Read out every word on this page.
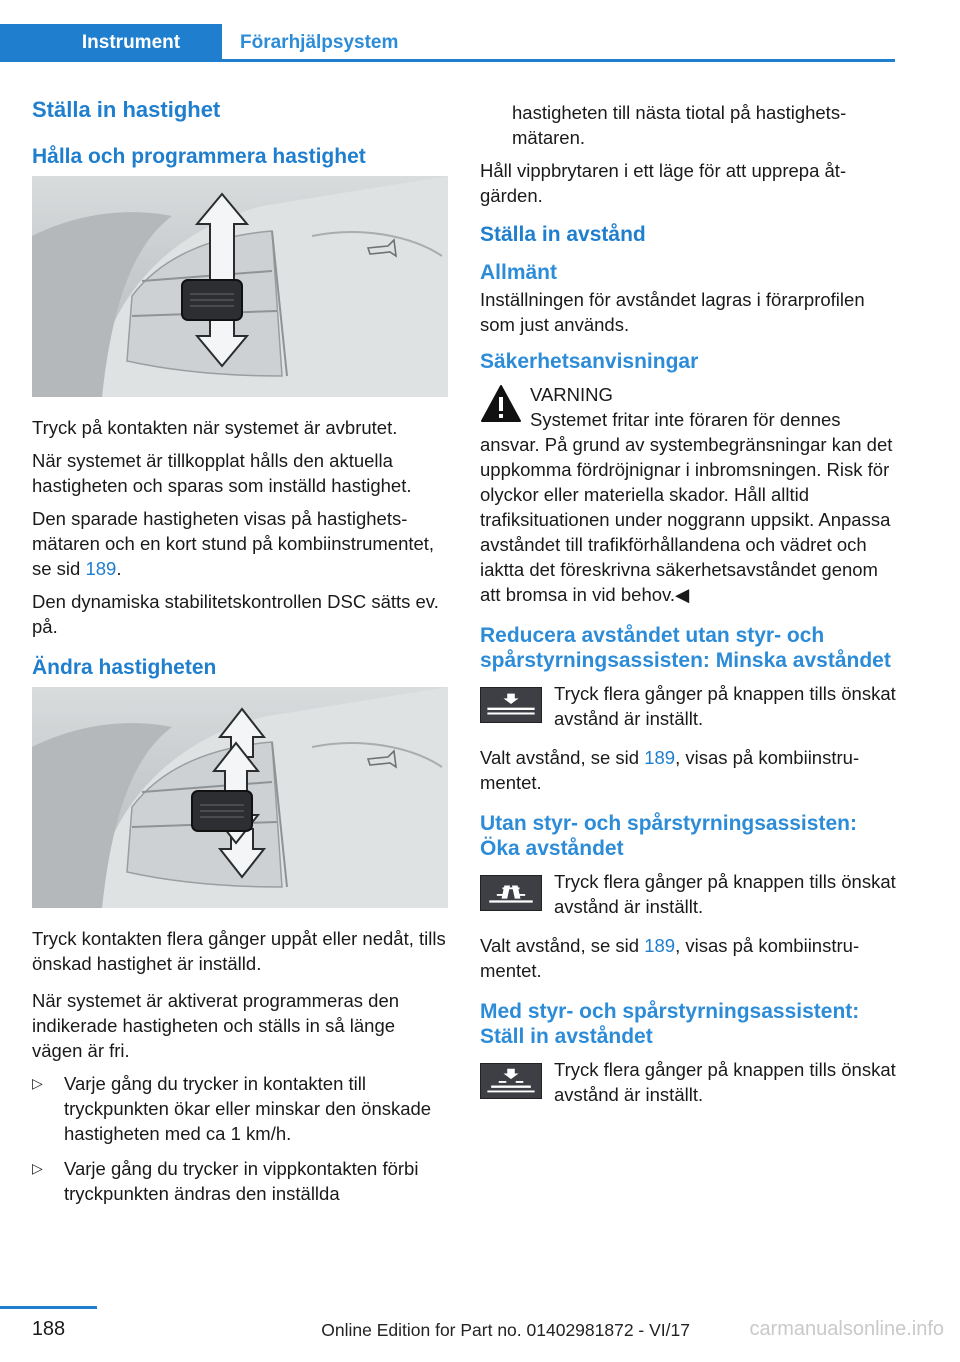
Instrument	Förarhjälpsystem
Ställa in hastighet
Hålla och programmera hastighet

Tryck på kontakten när systemet är avbrutet.

När systemet är tillkopplat hålls den aktuella hastigheten och sparas som inställd hastighet.

Den sparade hastigheten visas på hastighetsmätaren och en kort stund på kombiinstrumentet, se sid 189.

Den dynamiska stabilitetskontrollen DSC sätts ev. på.

Ändra hastigheten

Tryck kontakten flera gånger uppåt eller nedåt, tills önskad hastighet är inställd.

När systemet är aktiverat programmeras den indikerade hastigheten och ställs in så länge vägen är fri.

▷ Varje gång du trycker in kontakten till tryckpunkten ökar eller minskar den önskade hastigheten med ca 1 km/h.
▷ Varje gång du trycker in vippkontakten förbi tryckpunkten ändras den inställda

hastigheten till nästa tiotal på hastighetsmätaren.

Håll vippbrytaren i ett läge för att upprepa åtgärden.

Ställa in avstånd
Allmänt

Inställningen för avståndet lagras i förarprofilen som just används.

Säkerhetsanvisningar

VARNING

Systemet fritar inte föraren för dennes ansvar. På grund av systembegränsningar kan det uppkomma fördröjnignar i inbromsningen. Risk för olyckor eller materiella skador. Håll alltid trafiksituationen under noggrann uppsikt. Anpassa avståndet till trafikförhållandena och vädret och iaktta det föreskrivna säkerhetsavståndet genom att bromsa in vid behov.◀

Reducera avståndet utan styr- och spårstyrningsassisten: Minska avståndet

Tryck flera gånger på knappen tills önskat avstånd är inställt.

Valt avstånd, se sid 189, visas på kombiinstrumentet.

Utan styr- och spårstyrningsassisten: Öka avståndet

Tryck flera gånger på knappen tills önskat avstånd är inställt.

Valt avstånd, se sid 189, visas på kombiinstrumentet.

Med styr- och spårstyrningsassistent: Ställ in avståndet

Tryck flera gånger på knappen tills önskat avstånd är inställt.

188	Online Edition for Part no. 01402981872 - VI/17	carmanualsonline.info
